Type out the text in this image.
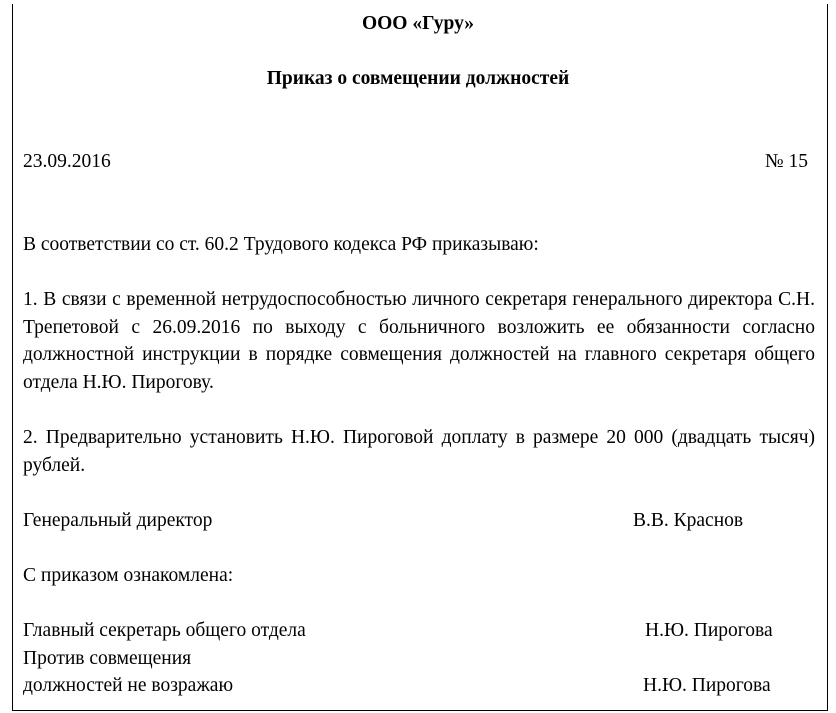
ООО «Гуру»
Приказ о совмещении должностей
23.09.2016	№ 15
В соответствии со ст. 60.2 Трудового кодекса РФ приказываю:
1. В связи с временной нетрудоспособностью личного секретаря генерального директора С.Н. Трепетовой с 26.09.2016 по выходу с больничного возложить ее обязанности согласно должностной инструкции в порядке совмещения должностей на главного секретаря общего отдела Н.Ю. Пирогову.
2. Предварительно установить Н.Ю. Пироговой доплату в размере 20 000 (двадцать тысяч) рублей.
Генеральный директор	В.В. Краснов
С приказом ознакомлена:
Главный секретарь общего отдела	Н.Ю. Пирогова
Против совмещения
должностей не возражаю	Н.Ю. Пирогова
